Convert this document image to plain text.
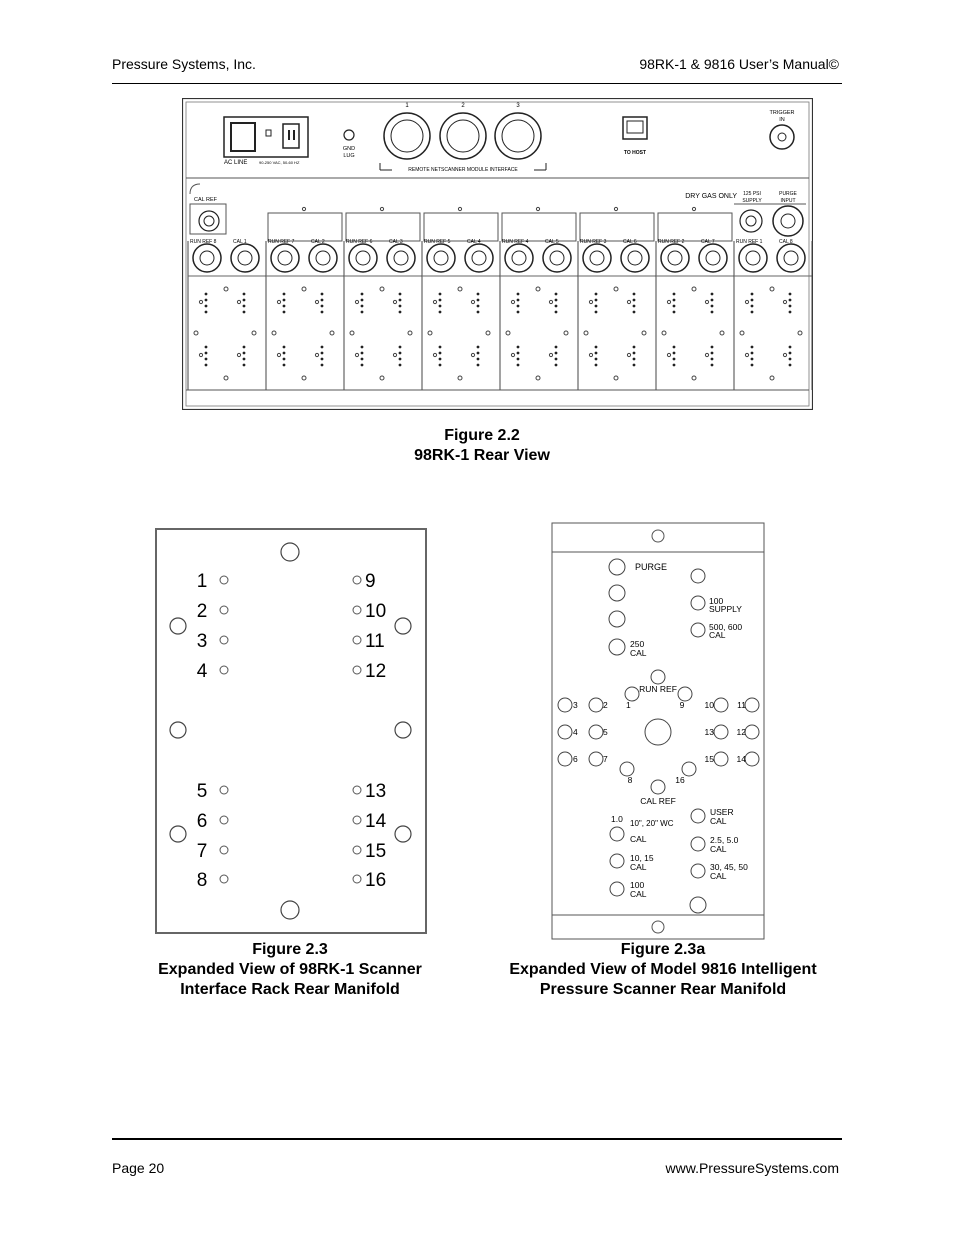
Pressure Systems, Inc.	98RK-1 & 9816 User’s Manual©
AC LINE	90-250 VAC, 50-60 HZ
GND
LUG
1	2	3
REMOTE NETSCANNER MODULE INTERFACE
TO HOST
TRIGGER
IN
CAL REF	DRY GAS ONLY 125 PSI
SUPPLY
PURGE
INPUT
RUN REF 8	CAL 1	RUN REF 7	CAL 2	RUN REF 6	CAL 3	RUN REF 5	CAL 4	RUN REF 4	CAL 5	RUN REF 3	CAL 6	RUN REF 2	CAL 7	RUN REF 1	CAL 8
Figure 2.2
98RK-1 Rear View
1
2
3
4
9
10
11
12
5
6
7
8
13
14
15
16
Figure 2.3
Expanded View of 98RK-1 Scanner
Interface Rack Rear Manifold
PURGE
100
SUPPLY
500, 600
CAL
250
CAL
RUN REF
CAL REF
1
2
3
4	5
6	7
8
9 10	11
12
13
14
15
16
1.0 10", 20" WC
CAL
10, 15
CAL
100
CAL
USER
CAL
2.5, 5.0
CAL
30, 45, 50
CAL
Figure 2.3a
Expanded View of Model 9816 Intelligent
Pressure Scanner Rear Manifold
Page 20	www.PressureSystems.com
